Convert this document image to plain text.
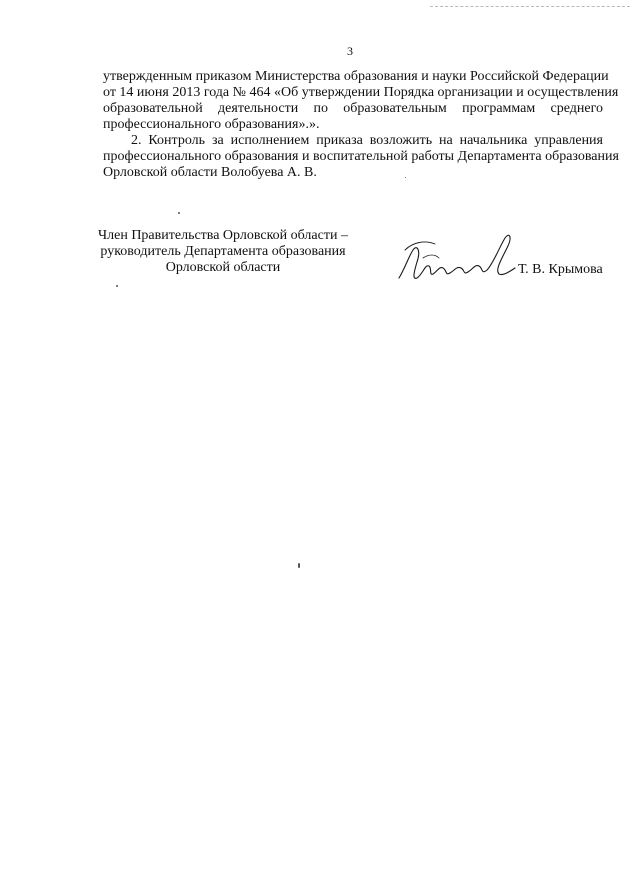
3
утвержденным приказом Министерства образования и науки Российской Федерации
от 14 июня 2013 года № 464 «Об утверждении Порядка организации и осуществления
образовательной деятельности по образовательным программам среднего
профессионального образования».».
2. Контроль за исполнением приказа возложить на начальника управления
профессионального образования и воспитательной работы Департамента образования
Орловской области Волобуева А. В.
Член Правительства Орловской области –
руководитель Департамента образования
Орловской области	Т. В. Крымова
